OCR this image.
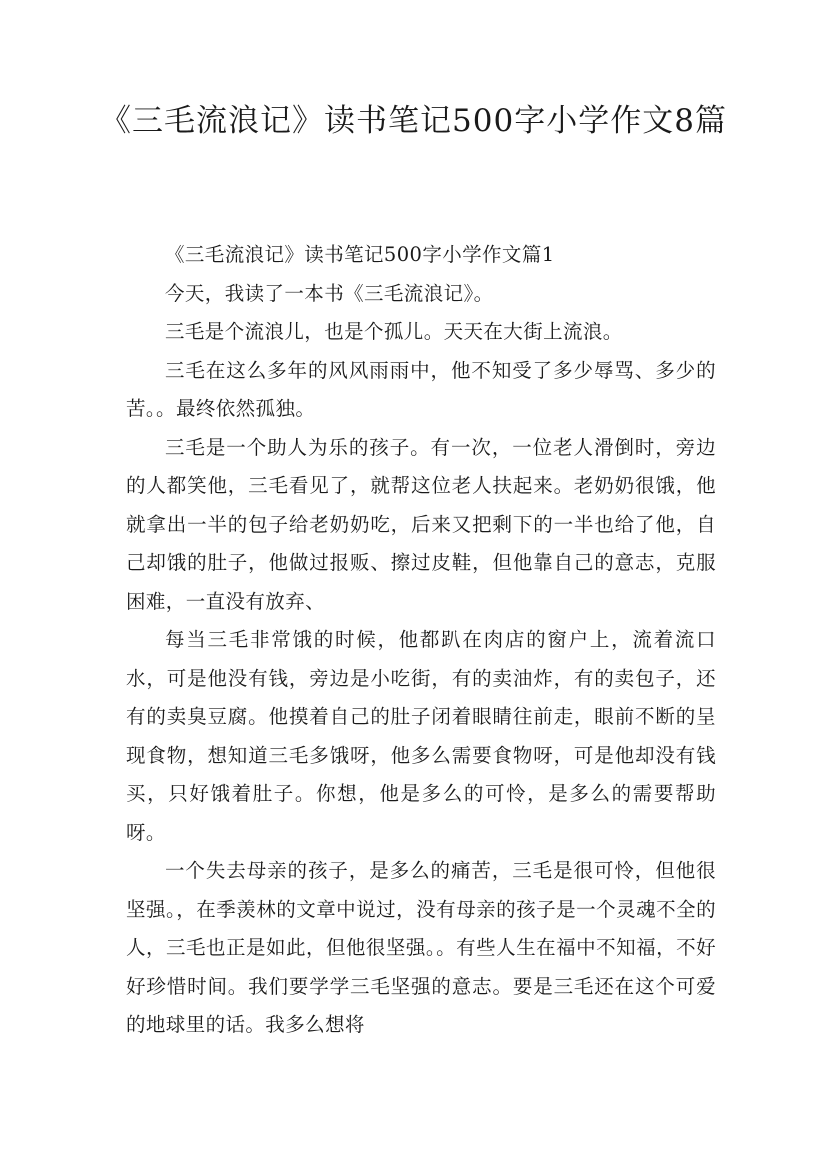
《三毛流浪记》读书笔记500字小学作文8篇

《三毛流浪记》读书笔记500字小学作文篇1

今天，我读了一本书《三毛流浪记》。

三毛是个流浪儿，也是个孤儿。天天在大街上流浪。

三毛在这么多年的风风雨雨中，他不知受了多少辱骂、多少的苦。。最终依然孤独。

三毛是一个助人为乐的孩子。有一次，一位老人滑倒时，旁边的人都笑他，三毛看见了，就帮这位老人扶起来。老奶奶很饿，他就拿出一半的包子给老奶奶吃，后来又把剩下的一半也给了他，自己却饿的肚子，他做过报贩、擦过皮鞋，但他靠自己的意志，克服困难，一直没有放弃、

每当三毛非常饿的时候，他都趴在肉店的窗户上，流着流口水，可是他没有钱，旁边是小吃街，有的卖油炸，有的卖包子，还有的卖臭豆腐。他摸着自己的肚子闭着眼睛往前走，眼前不断的呈现食物，想知道三毛多饿呀，他多么需要食物呀，可是他却没有钱买，只好饿着肚子。你想，他是多么的可怜，是多么的需要帮助呀。

一个失去母亲的孩子，是多么的痛苦，三毛是很可怜，但他很坚强。，在季羡林的文章中说过，没有母亲的孩子是一个灵魂不全的人，三毛也正是如此，但他很坚强。。有些人生在福中不知福，不好好珍惜时间。我们要学学三毛坚强的意志。要是三毛还在这个可爱的地球里的话。我多么想将
